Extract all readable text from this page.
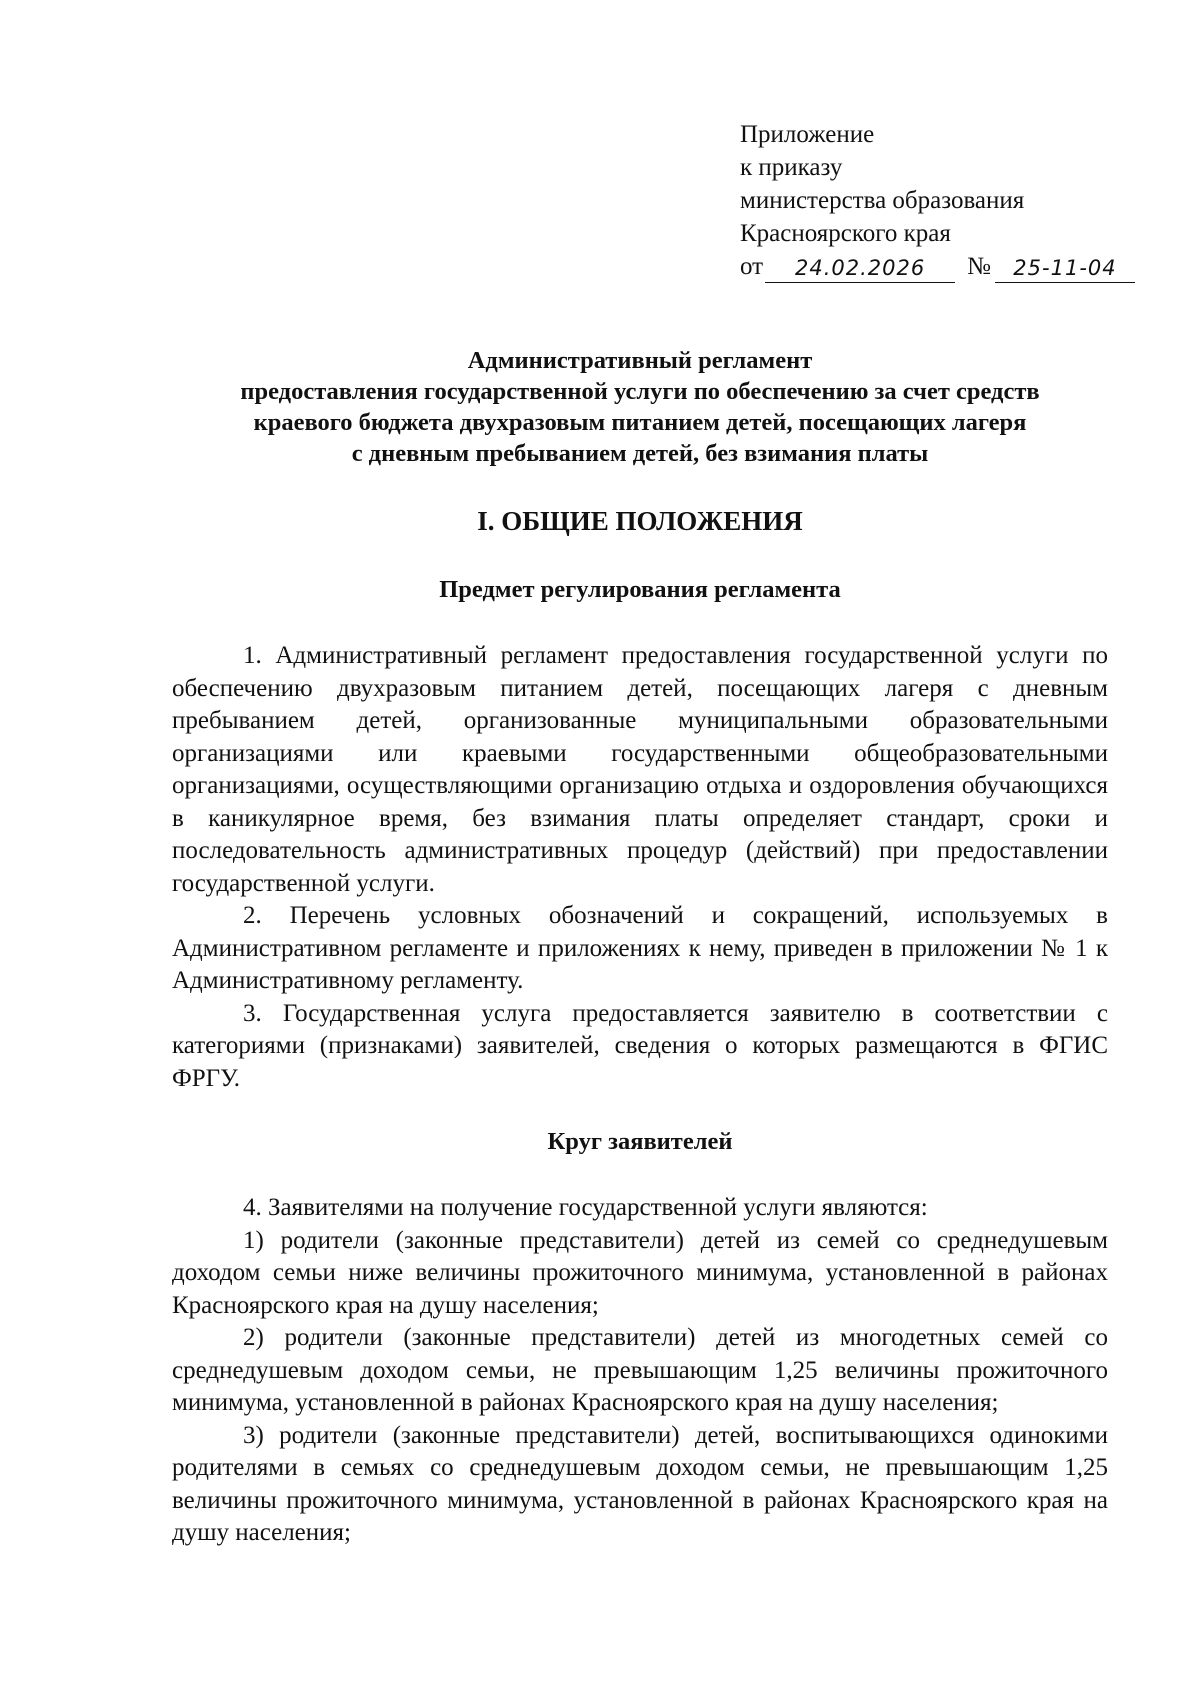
Приложение
к приказу
министерства образования
Красноярского края
от	24.02.2026	№	25-11-04
Административный регламент
предоставления государственной услуги по обеспечению за счет средств
краевого бюджета двухразовым питанием детей, посещающих лагеря
с дневным пребыванием детей, без взимания платы
I. ОБЩИЕ ПОЛОЖЕНИЯ
Предмет регулирования регламента

1. Административный регламент предоставления государственной услуги по обеспечению двухразовым питанием детей, посещающих лагеря с дневным пребыванием детей, организованные муниципальными образовательными организациями или краевыми государственными общеобразовательными организациями, осуществляющими организацию отдыха и оздоровления обучающихся в каникулярное время, без взимания платы определяет стандарт, сроки и последовательность административных процедур (действий) при предоставлении государственной услуги.

2. Перечень условных обозначений и сокращений, используемых в Административном регламенте и приложениях к нему, приведен в приложении № 1 к Административному регламенту.

3. Государственная услуга предоставляется заявителю в соответствии с категориями (признаками) заявителей, сведения о которых размещаются в ФГИС ФРГУ.

Круг заявителей

4. Заявителями на получение государственной услуги являются:

1) родители (законные представители) детей из семей со среднедушевым доходом семьи ниже величины прожиточного минимума, установленной в районах Красноярского края на душу населения;

2) родители (законные представители) детей из многодетных семей со среднедушевым доходом семьи, не превышающим 1,25 величины прожиточного минимума, установленной в районах Красноярского края на душу населения;

3) родители (законные представители) детей, воспитывающихся одинокими родителями в семьях со среднедушевым доходом семьи, не превышающим 1,25 величины прожиточного минимума, установленной в районах Красноярского края на душу населения;
